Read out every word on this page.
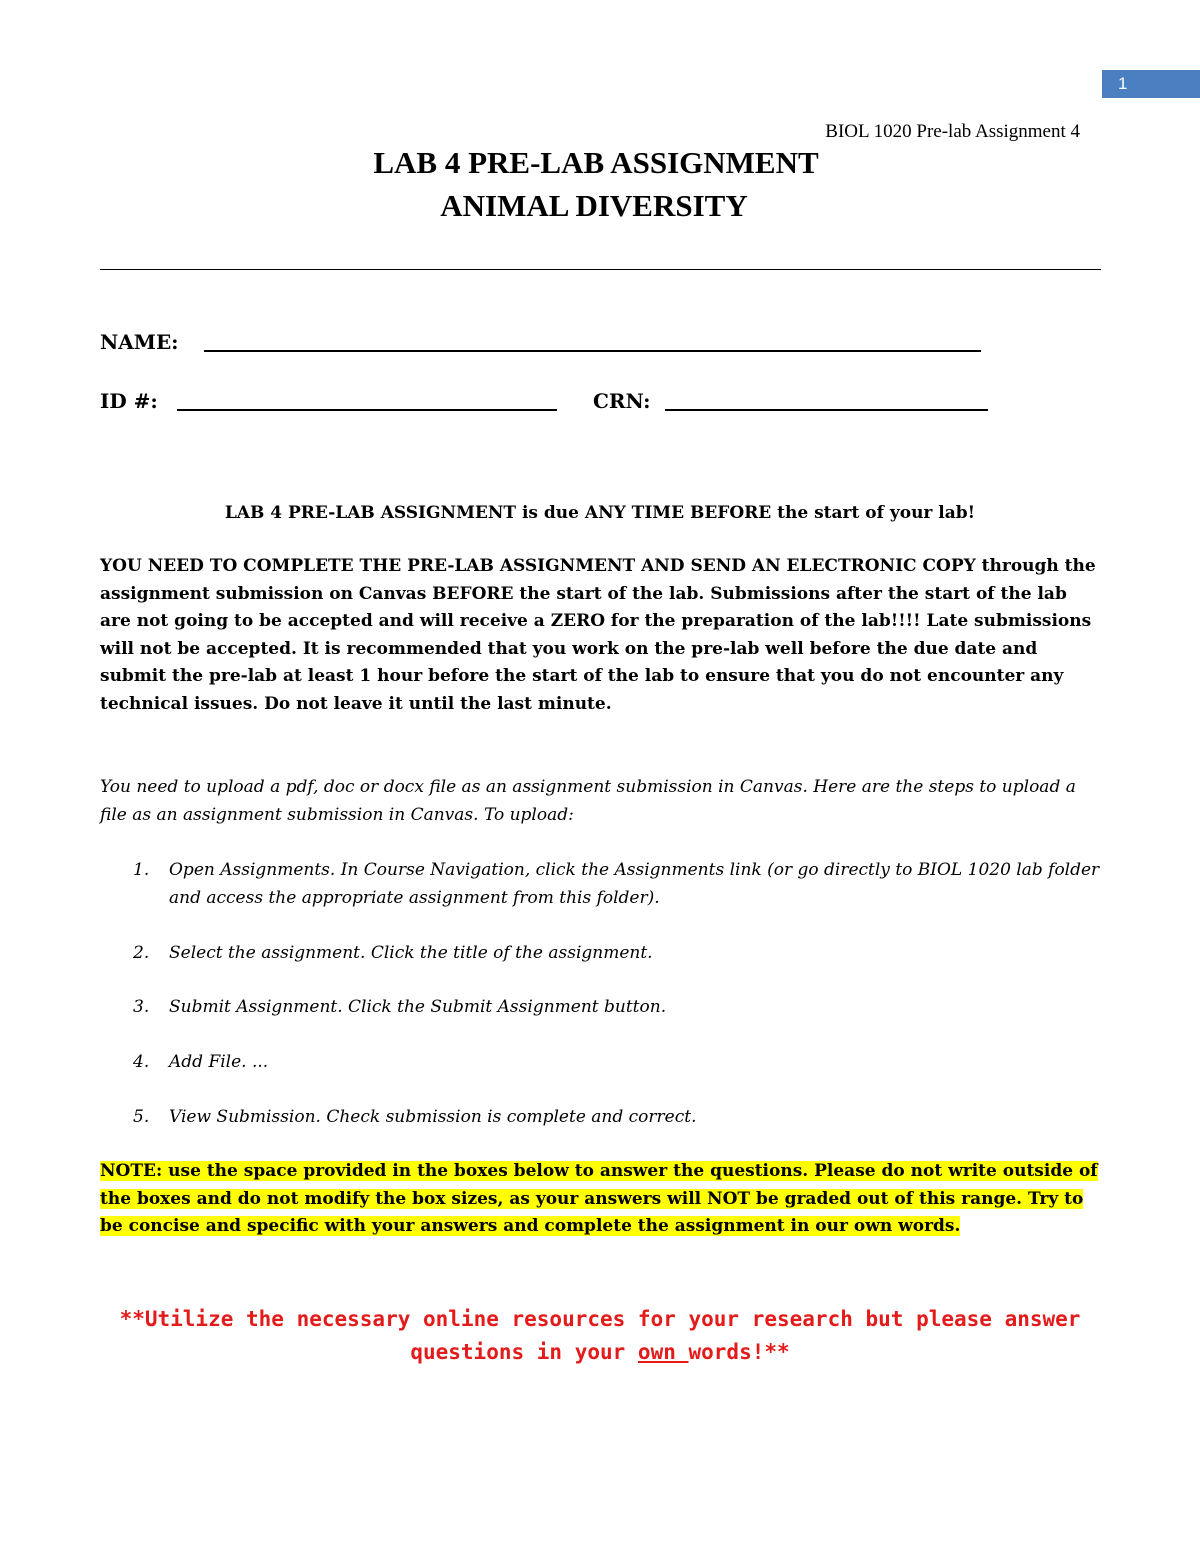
1
BIOL 1020 Pre-lab Assignment 4
LAB 4 PRE-LAB ASSIGNMENT
ANIMAL DIVERSITY
NAME:
ID #:	CRN:
LAB 4 PRE-LAB ASSIGNMENT is due ANY TIME BEFORE the start of your lab!
YOU NEED TO COMPLETE THE PRE-LAB ASSIGNMENT AND SEND AN ELECTRONIC COPY through the assignment submission on Canvas BEFORE the start of the lab. Submissions after the start of the lab are not going to be accepted and will receive a ZERO for the preparation of the lab!!!! Late submissions will not be accepted. It is recommended that you work on the pre-lab well before the due date and submit the pre-lab at least 1 hour before the start of the lab to ensure that you do not encounter any technical issues. Do not leave it until the last minute.
You need to upload a pdf, doc or docx file as an assignment submission in Canvas. Here are the steps to upload a file as an assignment submission in Canvas. To upload:
1. Open Assignments. In Course Navigation, click the Assignments link (or go directly to BIOL 1020 lab folder and access the appropriate assignment from this folder).
2. Select the assignment. Click the title of the assignment.
3. Submit Assignment. Click the Submit Assignment button.
4. Add File. ...
5. View Submission. Check submission is complete and correct.
NOTE: use the space provided in the boxes below to answer the questions. Please do not write outside of the boxes and do not modify the box sizes, as your answers will NOT be graded out of this range. Try to be concise and specific with your answers and complete the assignment in our own words.
**Utilize the necessary online resources for your research but please answer questions in your own words!**
